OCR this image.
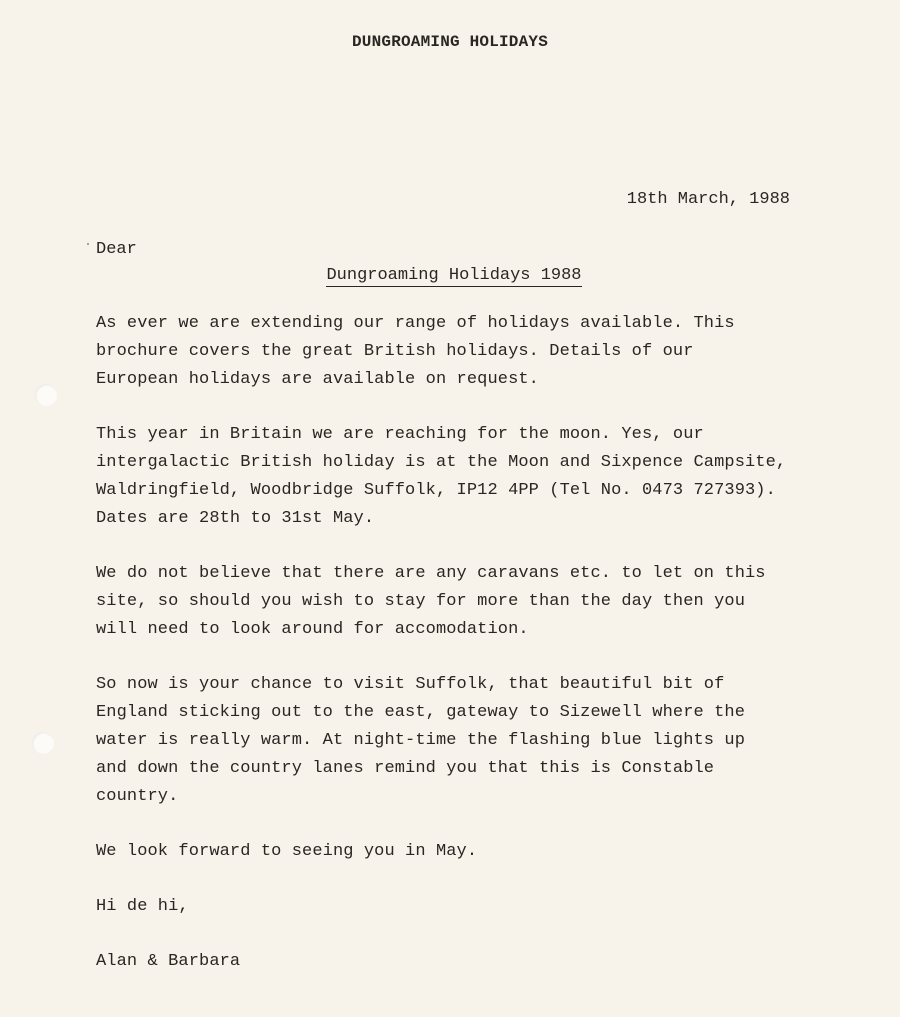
DUNGROAMING HOLIDAYS
18th March, 1988
Dear
Dungroaming Holidays 1988

As ever we are extending our range of holidays available. This
brochure covers the great British holidays. Details of our
European holidays are available on request.

This year in Britain we are reaching for the moon. Yes, our
intergalactic British holiday is at the Moon and Sixpence Campsite,
Waldringfield, Woodbridge Suffolk, IP12 4PP (Tel No. 0473 727393).
Dates are 28th to 31st May.

We do not believe that there are any caravans etc. to let on this
site, so should you wish to stay for more than the day then you
will need to look around for accomodation.

So now is your chance to visit Suffolk, that beautiful bit of
England sticking out to the east, gateway to Sizewell where the
water is really warm. At night-time the flashing blue lights up
and down the country lanes remind you that this is Constable
country.

We look forward to seeing you in May.

Hi de hi,

Alan & Barbara
